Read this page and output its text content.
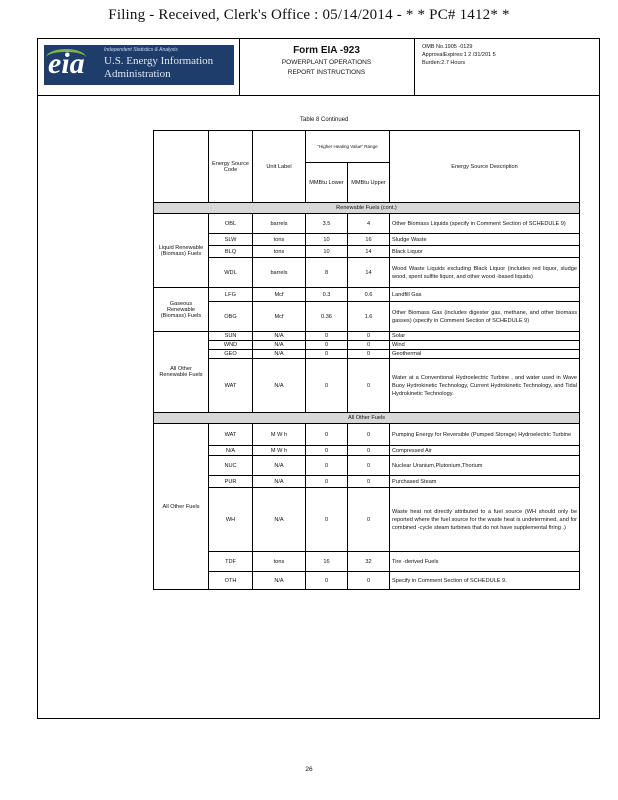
Filing - Received, Clerk's Office : 05/14/2014 - * * PC# 1412* *
eia	Independent Statistics & Analysis
U.S. Energy Information
Administration
Form EIA -923
POWERPLANT OPERATIONS
REPORT INSTRUCTIONS
OMB No.1905 -0129
ApprovalExpires:1 2 /31/201 5
Burden:2.7 Hours
Table 8 Continued
	Energy Source Code	Unit Label	"Higher Heating Value" Range		Energy Source Description
			MMBtu Lower	MMBtu Upper	
Renewable Fuels (cont.)					
Liquid Renewable (Biomass) Fuels	OBL	barrels	3.5	4	Other Biomass Liquids (specify in Comment Section of SCHEDULE 9)
	SLW	tons	10	16	Sludge Waste
	BLQ	tons	10	14	Black Liquor
	WDL	barrels	8	14	Wood Waste Liquids excluding Black Liquor (includes red liquor, sludge wood, spent sulfite liquor, and other wood -based liquids)
Gaseous Renewable (Biomass) Fuels	LFG	Mcf	0.3	0.6	Landfill Gas
	OBG	Mcf	0.36	1.6	Other Biomass Gas (includes digester gas, methane, and other biomass gasses) (specify in Comment Section of SCHEDULE 9)
All Other Renewable Fuels	SUN	N/A	0	0	Solar
	WND	N/A	0	0	Wind
	GEO	N/A	0	0	Geothermal
	WAT	N/A	0	0	Water at a Conventional Hydroelectric Turbine , and water used in Wave Buoy Hydrokinetic Technology, Current Hydrokinetic Technology, and Tidal Hydrokinetic Technology.
All Other Fuels					
All Other Fuels	WAT	M W h	0	0	Pumping Energy for Reversible (Pumped Storage) Hydroelectric Turbine
	N/A	M W h	0	0	Compressed Air
	NUC	N/A	0	0	Nuclear Uranium,Plutonium,Thorium
	PUR	N/A	0	0	Purchased Steam
	WH	N/A	0	0	Waste heat not directly attributed to a fuel source (WH should only be reported where the fuel source for the waste heat is undetermined, and for combined -cycle steam turbines that do not have supplemental firing .)
	TDF	tons	16	32	Tire -derived Fuels
	OTH	N/A	0	0	Specify in Comment Section of SCHEDULE 9.
26
